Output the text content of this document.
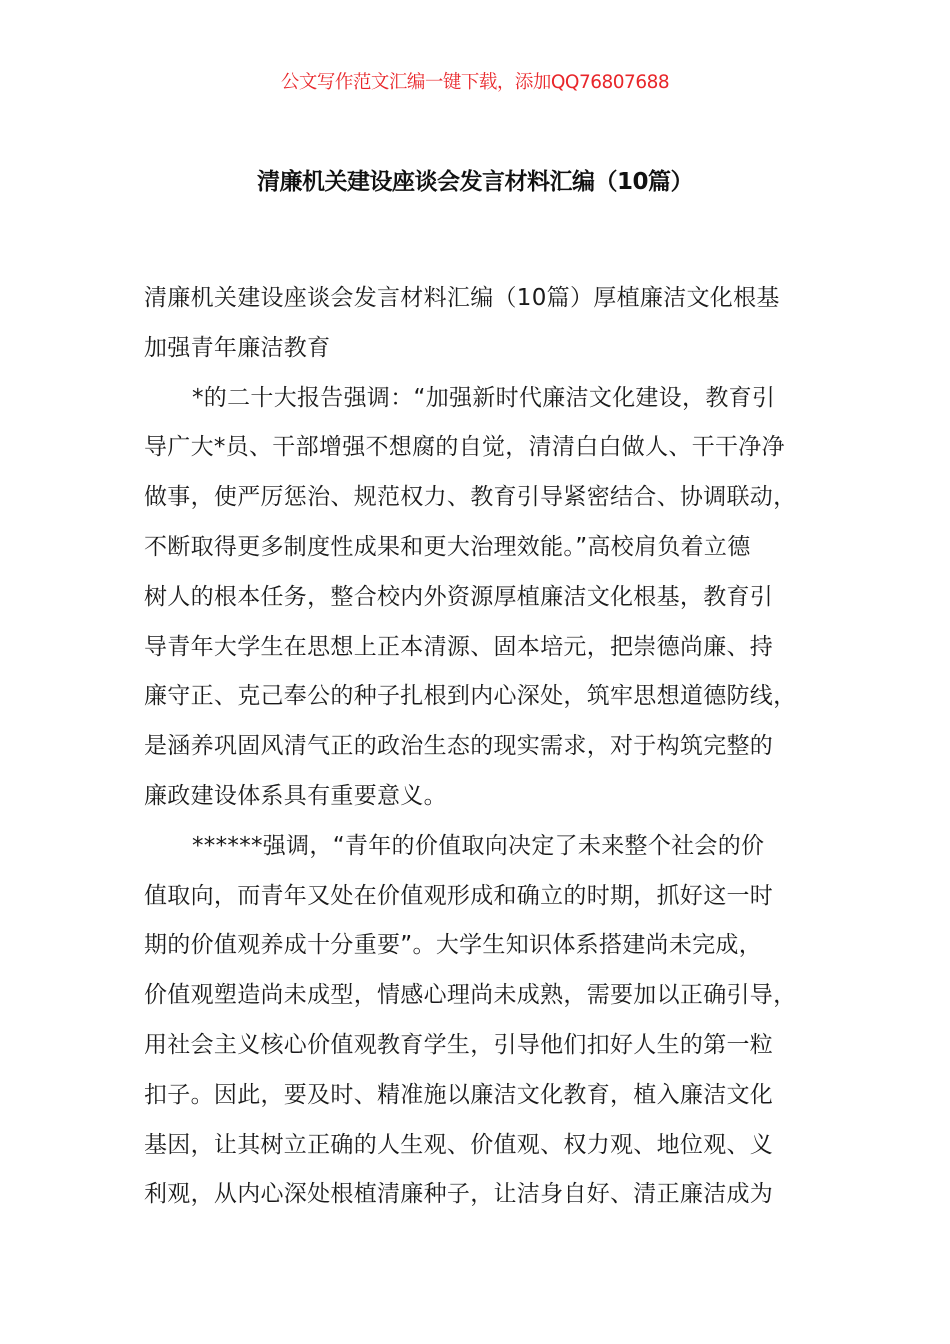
公文写作范文汇编一键下载，添加QQ76807688
清廉机关建设座谈会发言材料汇编（10篇）
清廉机关建设座谈会发言材料汇编（10篇）厚植廉洁文化根基
加强青年廉洁教育
*的二十大报告强调：“加强新时代廉洁文化建设，教育引
导广大*员、干部增强不想腐的自觉，清清白白做人、干干净净
做事，使严厉惩治、规范权力、教育引导紧密结合、协调联动，
不断取得更多制度性成果和更大治理效能。”高校肩负着立德
树人的根本任务，整合校内外资源厚植廉洁文化根基，教育引
导青年大学生在思想上正本清源、固本培元，把崇德尚廉、持
廉守正、克己奉公的种子扎根到内心深处，筑牢思想道德防线，
是涵养巩固风清气正的政治生态的现实需求，对于构筑完整的
廉政建设体系具有重要意义。
******强调，“青年的价值取向决定了未来整个社会的价
值取向，而青年又处在价值观形成和确立的时期，抓好这一时
期的价值观养成十分重要”。大学生知识体系搭建尚未完成，
价值观塑造尚未成型，情感心理尚未成熟，需要加以正确引导，
用社会主义核心价值观教育学生，引导他们扣好人生的第一粒
扣子。因此，要及时、精准施以廉洁文化教育，植入廉洁文化
基因，让其树立正确的人生观、价值观、权力观、地位观、义
利观，从内心深处根植清廉种子，让洁身自好、清正廉洁成为
